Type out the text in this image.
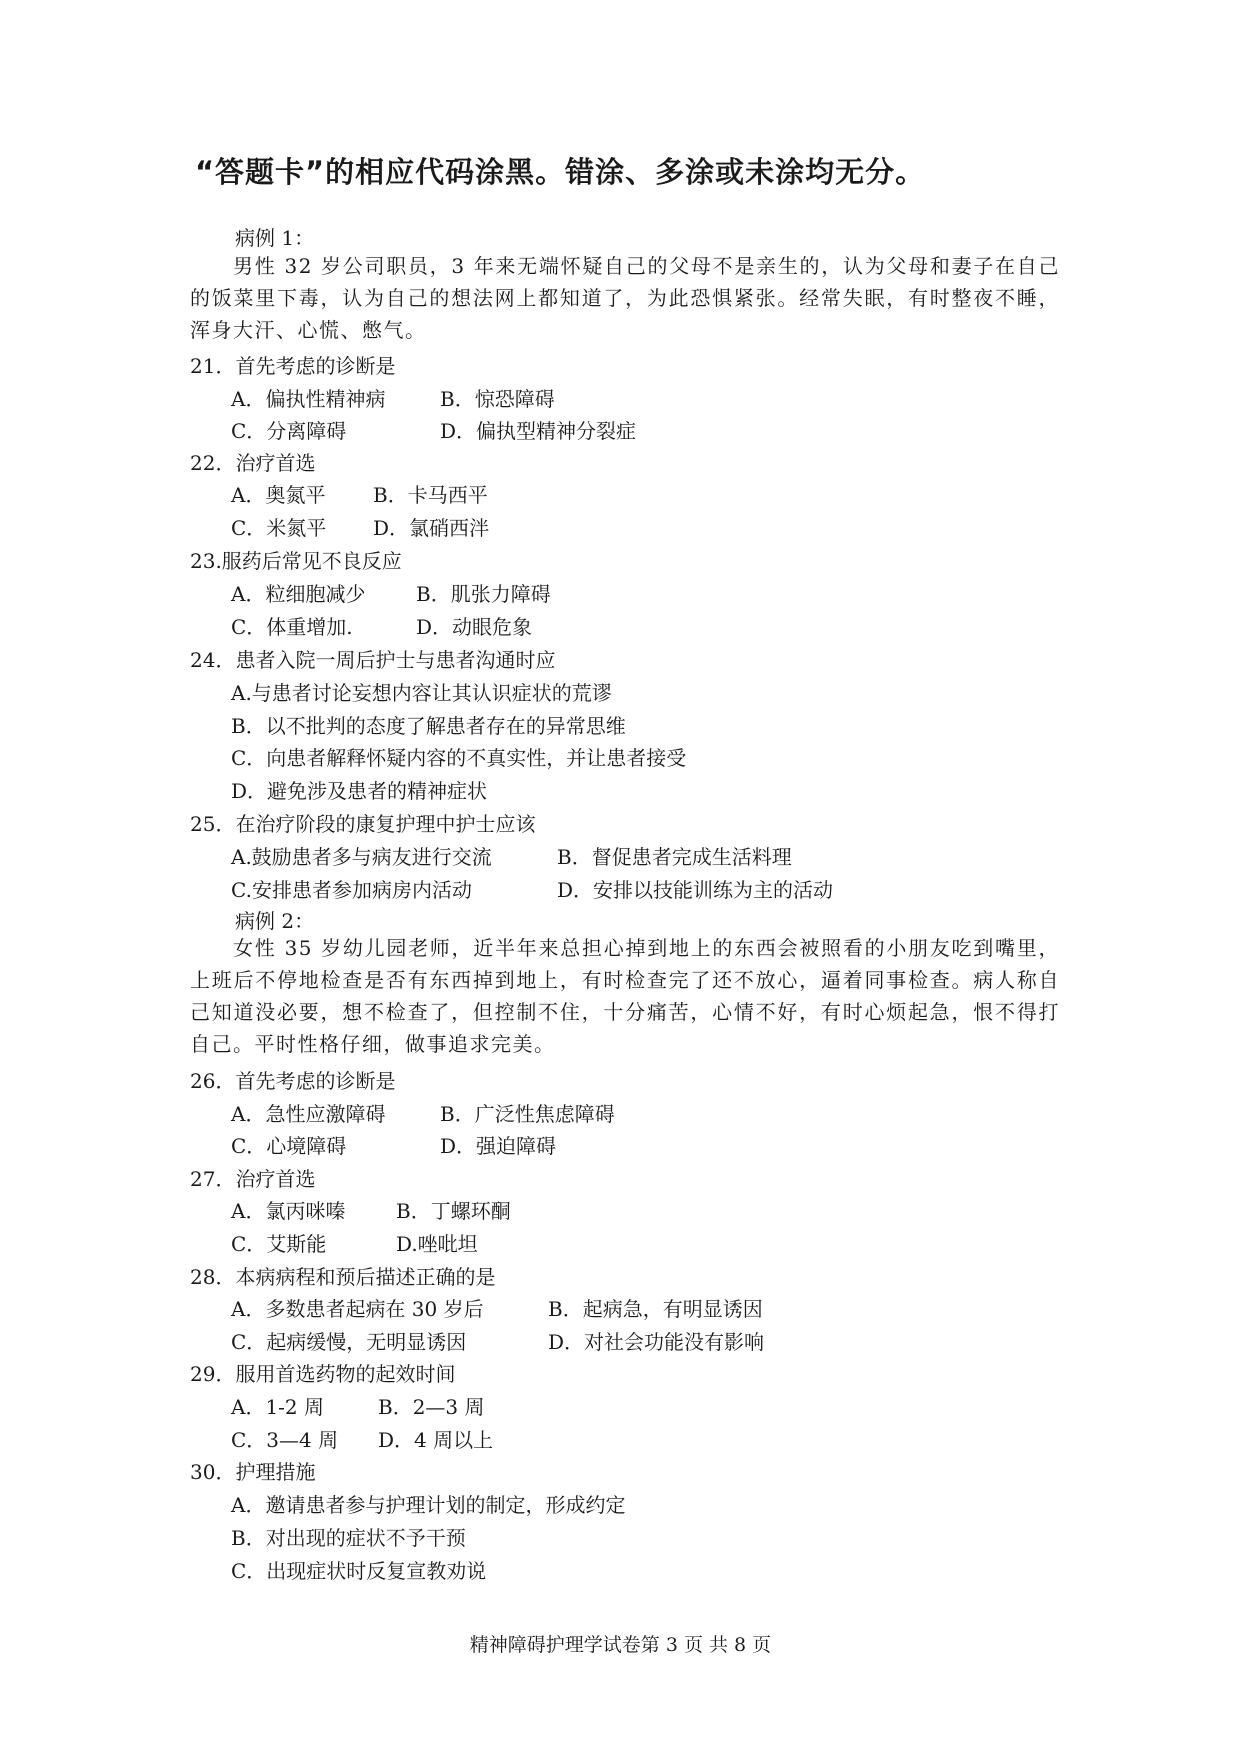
“答题卡”的相应代码涂黑。错涂、多涂或未涂均无分。
病例 1：
男性 32 岁公司职员，3 年来无端怀疑自己的父母不是亲生的，认为父母和妻子在自己的饭菜里下毒，认为自己的想法网上都知道了，为此恐惧紧张。经常失眠，有时整夜不睡，浑身大汗、心慌、憋气。
21．首先考虑的诊断是
A．偏执性精神病	B．惊恐障碍
C．分离障碍	D．偏执型精神分裂症
22．治疗首选
A．奥氮平 B．卡马西平
C．米氮平 D．氯硝西泮
23.服药后常见不良反应
A．粒细胞减少	B．肌张力障碍
C．体重增加.	D．动眼危象
24．患者入院一周后护士与患者沟通时应
A.与患者讨论妄想内容让其认识症状的荒谬
B．以不批判的态度了解患者存在的异常思维
C．向患者解释怀疑内容的不真实性，并让患者接受
D．避免涉及患者的精神症状
25．在治疗阶段的康复护理中护士应该
A.鼓励患者多与病友进行交流	B．督促患者完成生活料理
C.安排患者参加病房内活动	D．安排以技能训练为主的活动
病例 2：
女性 35 岁幼儿园老师，近半年来总担心掉到地上的东西会被照看的小朋友吃到嘴里，上班后不停地检查是否有东西掉到地上，有时检查完了还不放心，逼着同事检查。病人称自己知道没必要，想不检查了，但控制不住，十分痛苦，心情不好，有时心烦起急，恨不得打自己。平时性格仔细，做事追求完美。
26．首先考虑的诊断是
A．急性应激障碍	B．广泛性焦虑障碍
C．心境障碍	D．强迫障碍
27．治疗首选
A．氯丙咪嗪	B．丁螺环酮
C．艾斯能	D.唑吡坦
28．本病病程和预后描述正确的是
A．多数患者起病在 30 岁后	B．起病急，有明显诱因
C．起病缓慢，无明显诱因	D．对社会功能没有影响
29．服用首选药物的起效时间
A．1-2 周	B．2—3 周
C．3—4 周 D．4 周以上
30．护理措施
A．邀请患者参与护理计划的制定，形成约定
B．对出现的症状不予干预
C．出现症状时反复宣教劝说
精神障碍护理学试卷第 3 页 共 8 页
